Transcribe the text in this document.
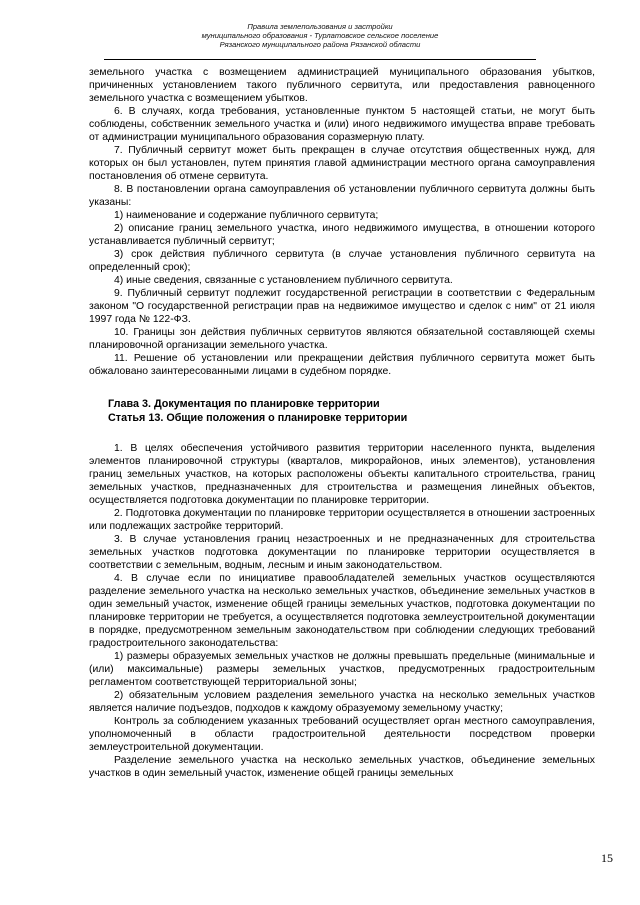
Правила землепользования и застройки
муниципального образования - Турлатовское сельское поселение
Рязанского муниципального района Рязанской области

земельного участка с возмещением администрацией муниципального образования убытков, причиненных установлением такого публичного сервитута, или предоставления равноценного земельного участка с возмещением убытков.

6. В случаях, когда требования, установленные пунктом 5 настоящей статьи, не могут быть соблюдены, собственник земельного участка и (или) иного недвижимого имущества вправе требовать от администрации муниципального образования соразмерную плату.

7. Публичный сервитут может быть прекращен в случае отсутствия общественных нужд, для которых он был установлен, путем принятия главой администрации местного органа самоуправления постановления об отмене сервитута.

8. В постановлении органа самоуправления об установлении публичного сервитута должны быть указаны:

1) наименование и содержание публичного сервитута;

2) описание границ земельного участка, иного недвижимого имущества, в отношении которого устанавливается публичный сервитут;

3) срок действия публичного сервитута (в случае установления публичного сервитута на определенный срок);

4) иные сведения, связанные с установлением публичного сервитута.

9. Публичный сервитут подлежит государственной регистрации в соответствии с Федеральным законом "О государственной регистрации прав на недвижимое имущество и сделок с ним" от 21 июля 1997 года № 122-ФЗ.

10. Границы зон действия публичных сервитутов являются обязательной составляющей схемы планировочной организации земельного участка.

11. Решение об установлении или прекращении действия публичного сервитута может быть обжаловано заинтересованными лицами в судебном порядке.

Глава 3. Документация по планировке территории

Статья 13. Общие положения о планировке территории

1. В целях обеспечения устойчивого развития территории населенного пункта, выделения элементов планировочной структуры (кварталов, микрорайонов, иных элементов), установления границ земельных участков, на которых расположены объекты капитального строительства, границ земельных участков, предназначенных для строительства и размещения линейных объектов, осуществляется подготовка документации по планировке территории.

2. Подготовка документации по планировке территории осуществляется в отношении застроенных или подлежащих застройке территорий.

3. В случае установления границ незастроенных и не предназначенных для строительства земельных участков подготовка документации по планировке территории осуществляется в соответствии с земельным, водным, лесным и иным законодательством.

4. В случае если по инициативе правообладателей земельных участков осуществляются разделение земельного участка на несколько земельных участков, объединение земельных участков в один земельный участок, изменение общей границы земельных участков, подготовка документации по планировке территории не требуется, а осуществляется подготовка землеустроительной документации в порядке, предусмотренном земельным законодательством при соблюдении следующих требований градостроительного законодательства:

1) размеры образуемых земельных участков не должны превышать предельные (минимальные и (или) максимальные) размеры земельных участков, предусмотренных градостроительным регламентом соответствующей территориальной зоны;

2) обязательным условием разделения земельного участка на несколько земельных участков является наличие подъездов, подходов к каждому образуемому земельному участку;

Контроль за соблюдением указанных требований осуществляет орган местного самоуправления, уполномоченный в области градостроительной деятельности посредством проверки землеустроительной документации.

Разделение земельного участка на несколько земельных участков, объединение земельных участков в один земельный участок, изменение общей границы земельных

15
